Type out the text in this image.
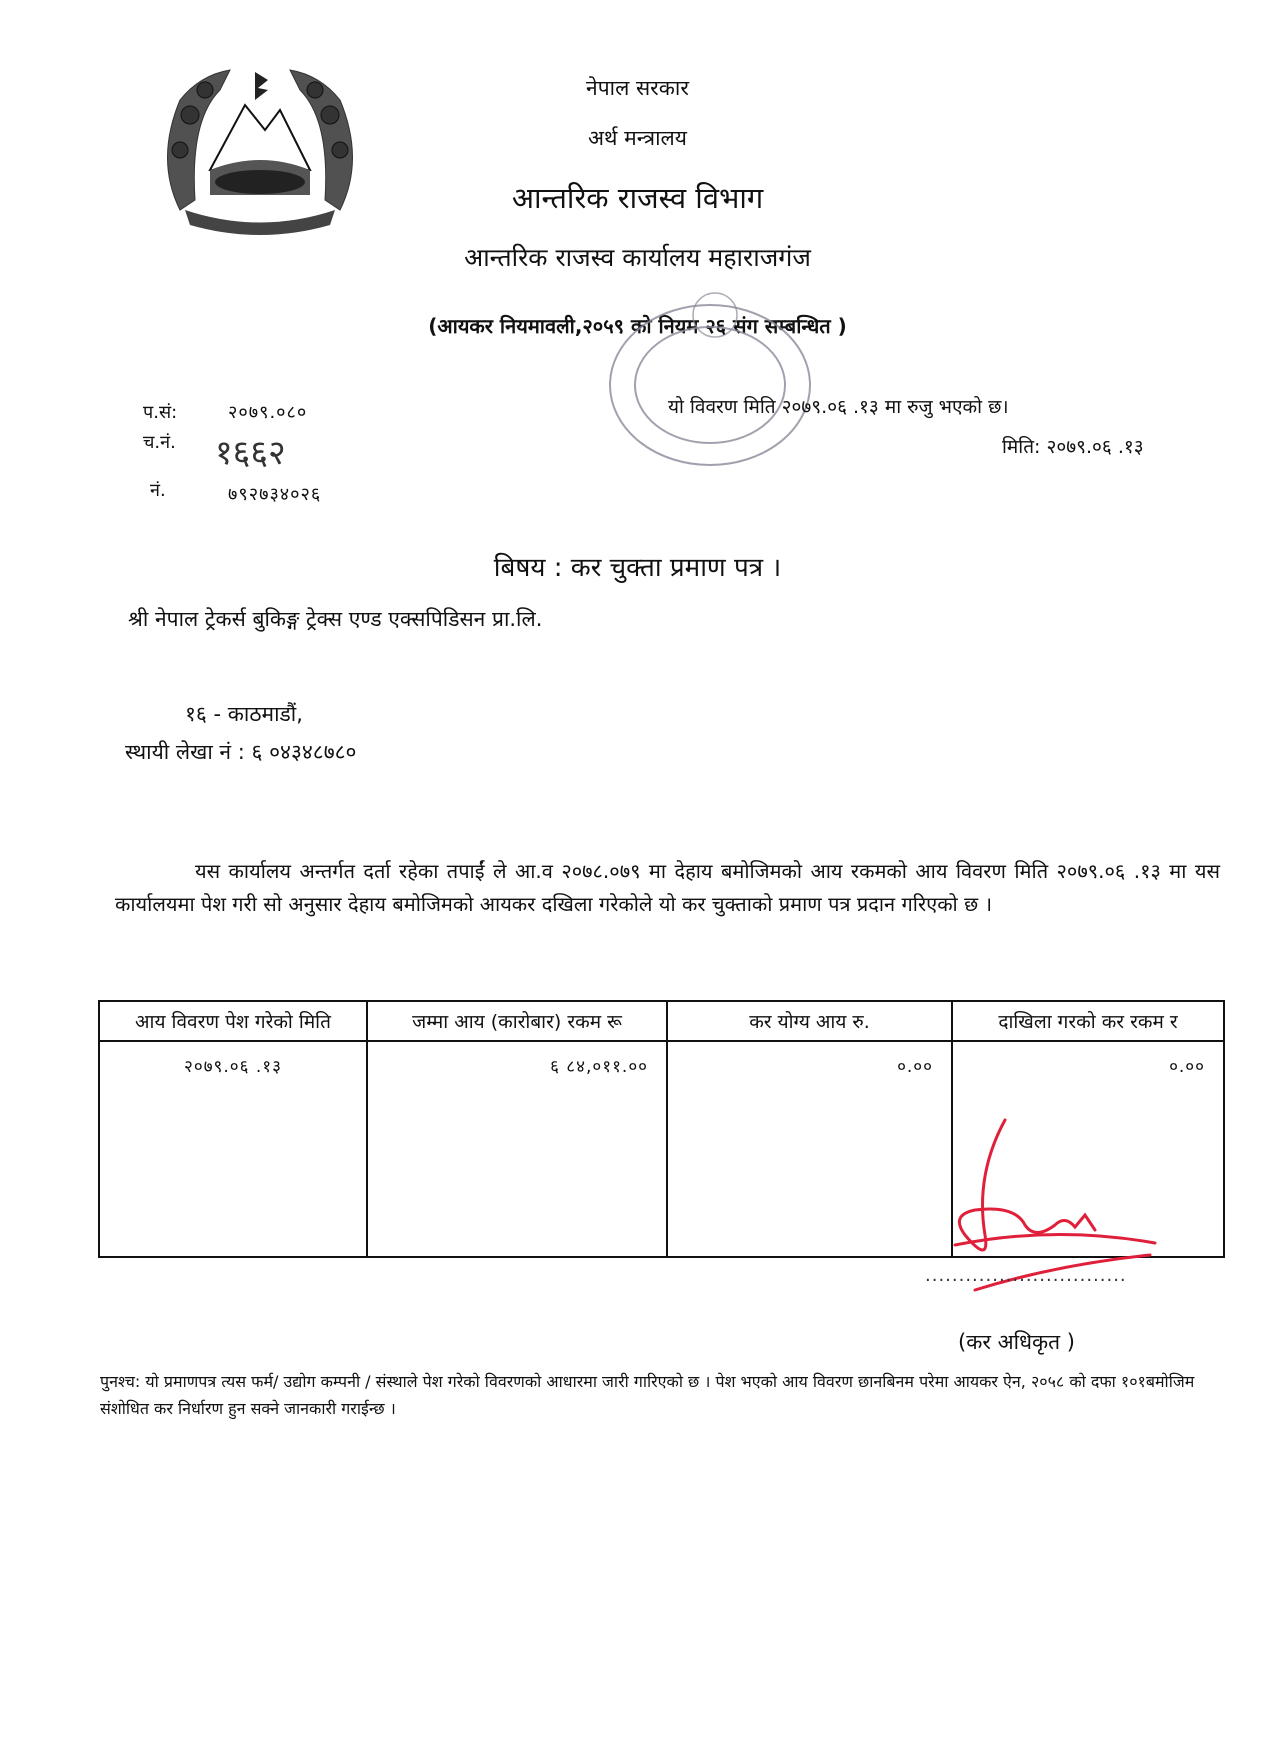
नेपाल सरकार
अर्थ मन्त्रालय
आन्तरिक राजस्व विभाग
आन्तरिक राजस्व कार्यालय महाराजगंज
(आयकर नियमावली,२०५९ को नियम २६ संग सम्बन्धित )
प.सं:	२०७९.०८०
च.नं. १६६२
नं.	७९२७३४०२६
यो विवरण मिति २०७९.०६ .१३ मा रुजु भएको छ।
मिति: २०७९.०६ .१३
बिषय : कर चुक्ता प्रमाण पत्र ।
श्री नेपाल ट्रेकर्स बुकिङ्ग ट्रेक्स एण्ड एक्सपिडिसन प्रा.लि.
१६ - काठमाडौं,
स्थायी लेखा नं : ६ ०४३४८७८०
यस कार्यालय अन्तर्गत दर्ता रहेका तपाईं ले आ.व २०७८.०७९ मा देहाय बमोजिमको आय रकमको आय विवरण मिति २०७९.०६ .१३ मा यस कार्यालयमा पेश गरी सो अनुसार देहाय बमोजिमको आयकर दखिला गरेकोले यो कर चुक्ताको प्रमाण पत्र प्रदान गरिएको छ ।
आय विवरण पेश गरेको मिति	जम्मा आय (कारोबार) रकम रू	कर योग्य आय रु.	दाखिला गरको कर रकम र
२०७९.०६ .१३	६ ८४,०११.००	०.००	०.००
..............................
(कर अधिकृत )
पुनश्च: यो प्रमाणपत्र त्यस फर्म/ उद्योग कम्पनी / संस्थाले पेश गरेको विवरणको आधारमा जारी गारिएको छ । पेश भएको आय विवरण छानबिनम परेमा आयकर ऐन, २०५८ को दफा १०१बमोजिम संशोधित कर निर्धारण हुन सक्ने जानकारी गराईन्छ ।
